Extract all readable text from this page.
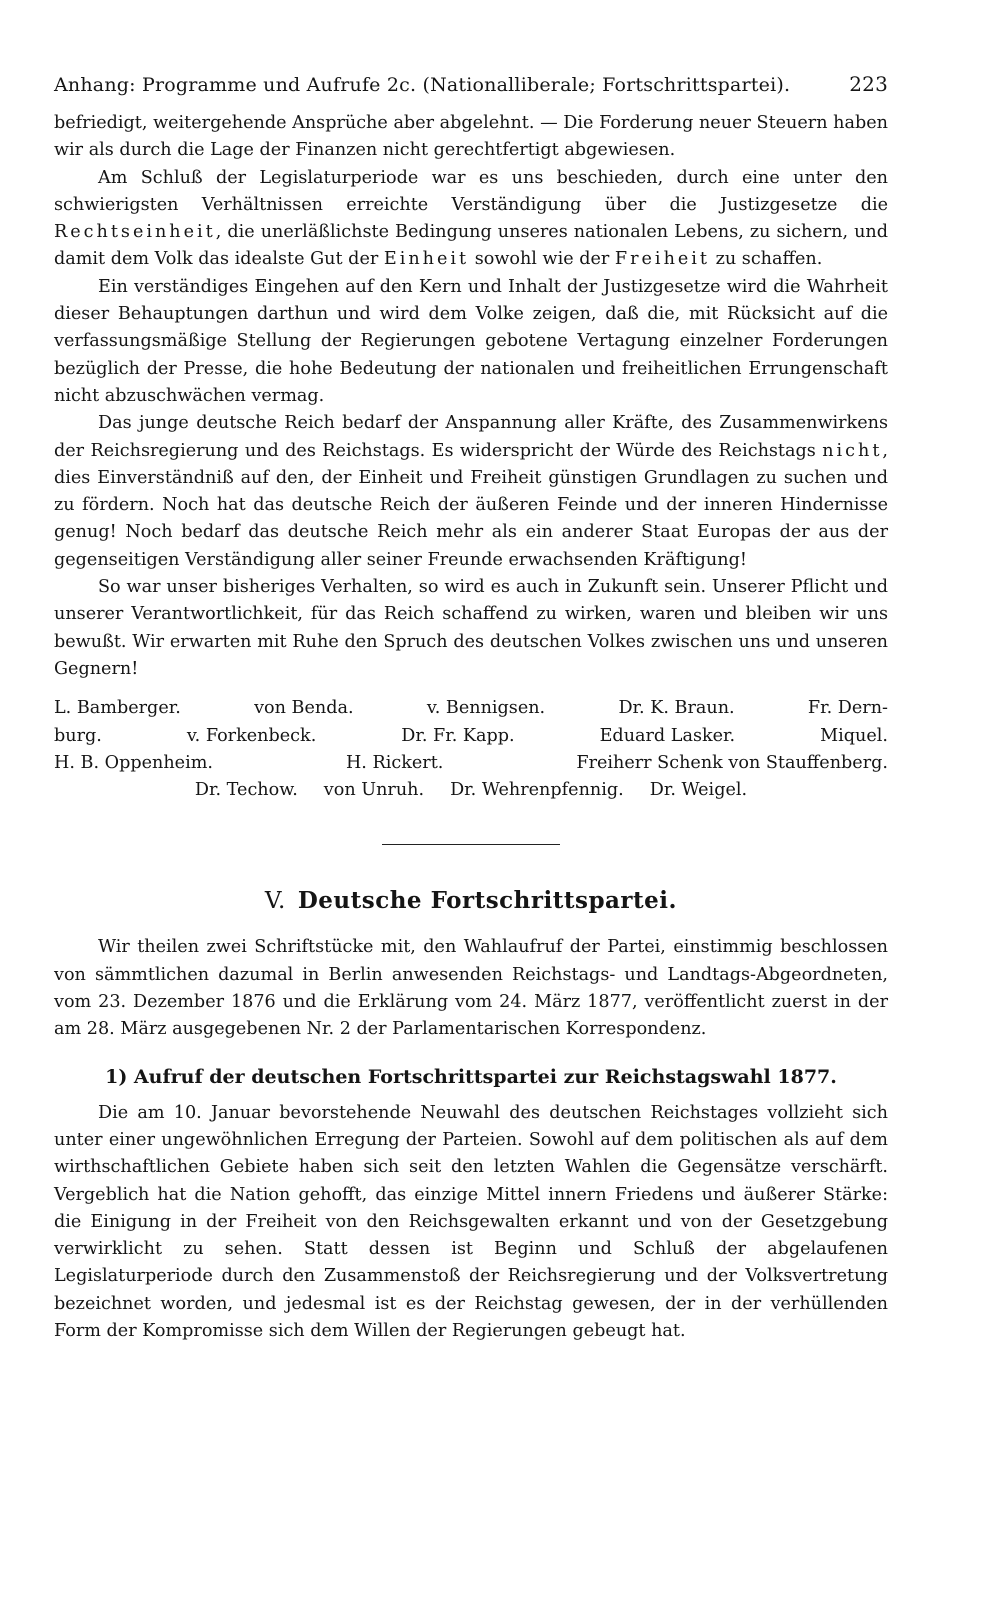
Anhang: Programme und Aufrufe 2c. (Nationalliberale; Fortschrittspartei).	223

befriedigt, weitergehende Ansprüche aber abgelehnt. — Die Forderung neuer Steuern haben wir als durch die Lage der Finanzen nicht gerechtfertigt abgewiesen.

Am Schluß der Legislaturperiode war es uns beschieden, durch eine unter den schwierigsten Verhältnissen erreichte Verständigung über die Justizgesetze die Rechtseinheit, die unerläßlichste Bedingung unseres nationalen Lebens, zu sichern, und damit dem Volk das idealste Gut der Einheit sowohl wie der Freiheit zu schaffen.

Ein verständiges Eingehen auf den Kern und Inhalt der Justizgesetze wird die Wahrheit dieser Behauptungen darthun und wird dem Volke zeigen, daß die, mit Rücksicht auf die verfassungsmäßige Stellung der Regierungen gebotene Vertagung einzelner Forderungen bezüglich der Presse, die hohe Bedeutung der nationalen und freiheitlichen Errungenschaft nicht abzuschwächen vermag.

Das junge deutsche Reich bedarf der Anspannung aller Kräfte, des Zusammenwirkens der Reichsregierung und des Reichstags. Es widerspricht der Würde des Reichstags nicht, dies Einverständniß auf den, der Einheit und Freiheit günstigen Grundlagen zu suchen und zu fördern. Noch hat das deutsche Reich der äußeren Feinde und der inneren Hindernisse genug! Noch bedarf das deutsche Reich mehr als ein anderer Staat Europas der aus der gegenseitigen Verständigung aller seiner Freunde erwachsenden Kräftigung!

So war unser bisheriges Verhalten, so wird es auch in Zukunft sein. Unserer Pflicht und unserer Verantwortlichkeit, für das Reich schaffend zu wirken, waren und bleiben wir uns bewußt. Wir erwarten mit Ruhe den Spruch des deutschen Volkes zwischen uns und unseren Gegnern!

L. Bamberger.	von Benda.	v. Bennigsen.	Dr. K. Braun.	Fr. Dern-
burg.	v. Forkenbeck.	Dr. Fr. Kapp.	Eduard Lasker.	Miquel.
H. B. Oppenheim.	H. Rickert.	Freiherr Schenk von Stauffenberg.
Dr. Techow. von Unruh. Dr. Wehrenpfennig. Dr. Weigel.
V. Deutsche Fortschrittspartei.

Wir theilen zwei Schriftstücke mit, den Wahlaufruf der Partei, einstimmig beschlossen von sämmtlichen dazumal in Berlin anwesenden Reichstags- und Landtags-Abgeordneten, vom 23. Dezember 1876 und die Erklärung vom 24. März 1877, veröffentlicht zuerst in der am 28. März ausgegebenen Nr. 2 der Parlamentarischen Korrespondenz.

1) Aufruf der deutschen Fortschrittspartei zur Reichstagswahl 1877.

Die am 10. Januar bevorstehende Neuwahl des deutschen Reichstages vollzieht sich unter einer ungewöhnlichen Erregung der Parteien. Sowohl auf dem politischen als auf dem wirthschaftlichen Gebiete haben sich seit den letzten Wahlen die Gegensätze verschärft. Vergeblich hat die Nation gehofft, das einzige Mittel innern Friedens und äußerer Stärke: die Einigung in der Freiheit von den Reichsgewalten erkannt und von der Gesetzgebung verwirklicht zu sehen. Statt dessen ist Beginn und Schluß der abgelaufenen Legislaturperiode durch den Zusammenstoß der Reichsregierung und der Volksvertretung bezeichnet worden, und jedesmal ist es der Reichstag gewesen, der in der verhüllenden Form der Kompromisse sich dem Willen der Regierungen gebeugt hat.
